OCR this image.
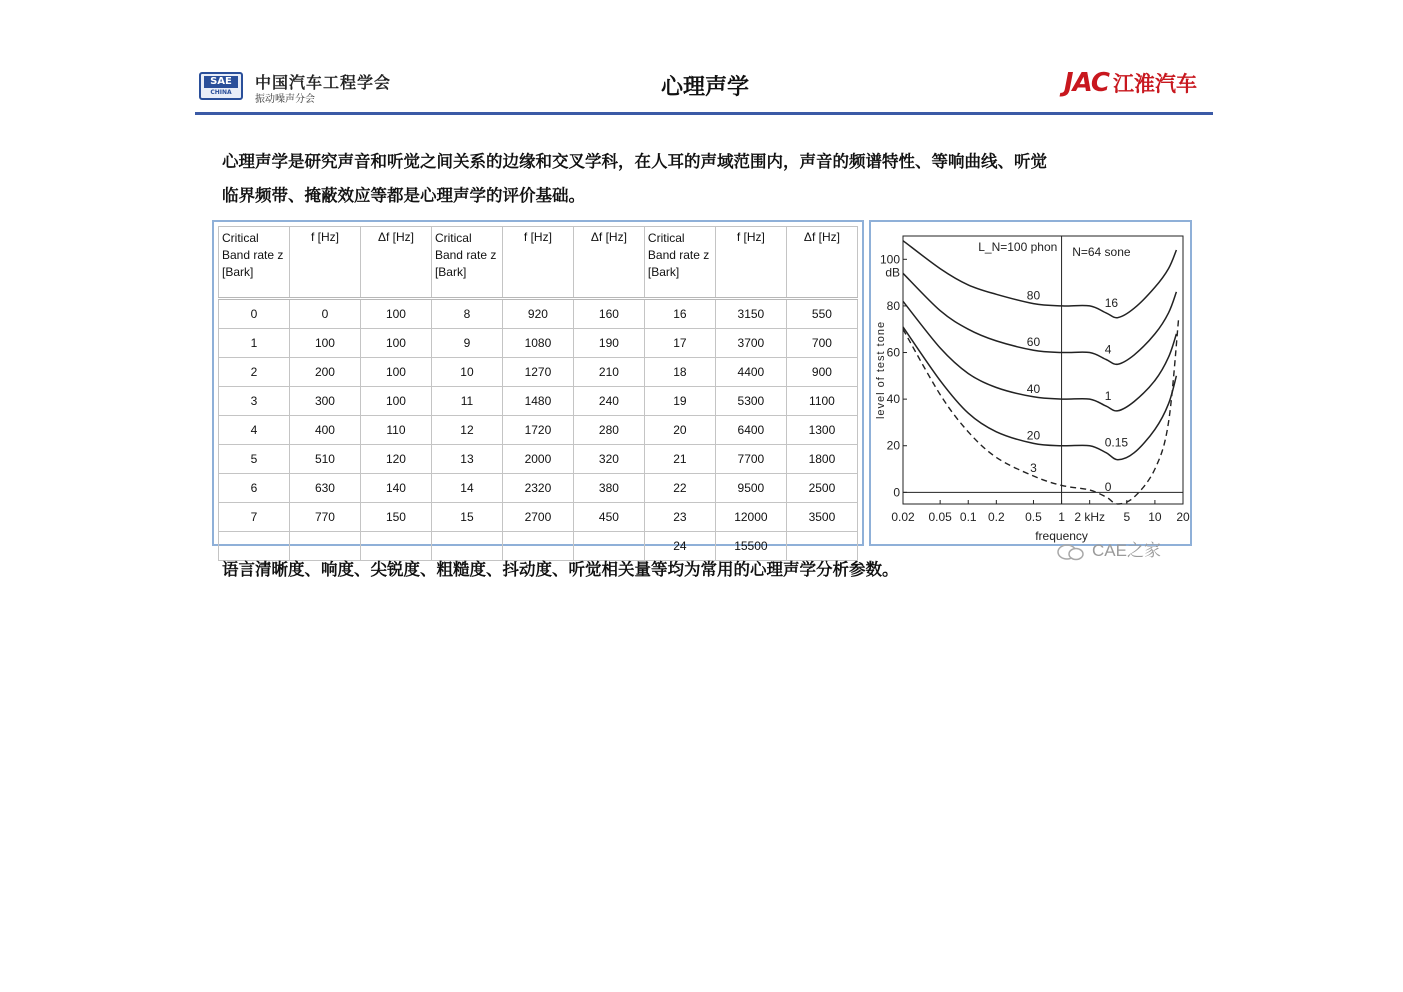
SAE
CHINA
中国汽车工程学会
振动噪声分会	心理声学	JAC 江淮汽车
心理声学是研究声音和听觉之间关系的边缘和交叉学科，在人耳的声域范围内，声音的频谱特性、等响曲线、听觉
临界频带、掩蔽效应等都是心理声学的评价基础。
Critical Band rate z [Bark]	f [Hz]	Δf [Hz]	Critical Band rate z [Bark]	f [Hz]	Δf [Hz]	Critical Band rate z [Bark]	f [Hz]	Δf [Hz]
0	0	100	8	920	160	16	3150	550
1	100	100	9	1080	190	17	3700	700
2	200	100	10	1270	210	18	4400	900
3	300	100	11	1480	240	19	5300	1100
4	400	110	12	1720	280	20	6400	1300
5	510	120	13	2000	320	21	7700	1800
6	630	140	14	2320	380	22	9500	2500
7	770	150	15	2700	450	23	12000	3500
						24	15500	
0
20
40
60
80
100
dB
0.02 0.05 0.1 0.2 0.5 1 2 kHz 5 10 20
frequency
level of test tone
L_N=100 phon N=64 sone
80
16
60
4
40
1
20
0.15
3
0
CAE之家
语言清晰度、响度、尖锐度、粗糙度、抖动度、听觉相关量等均为常用的心理声学分析参数。
